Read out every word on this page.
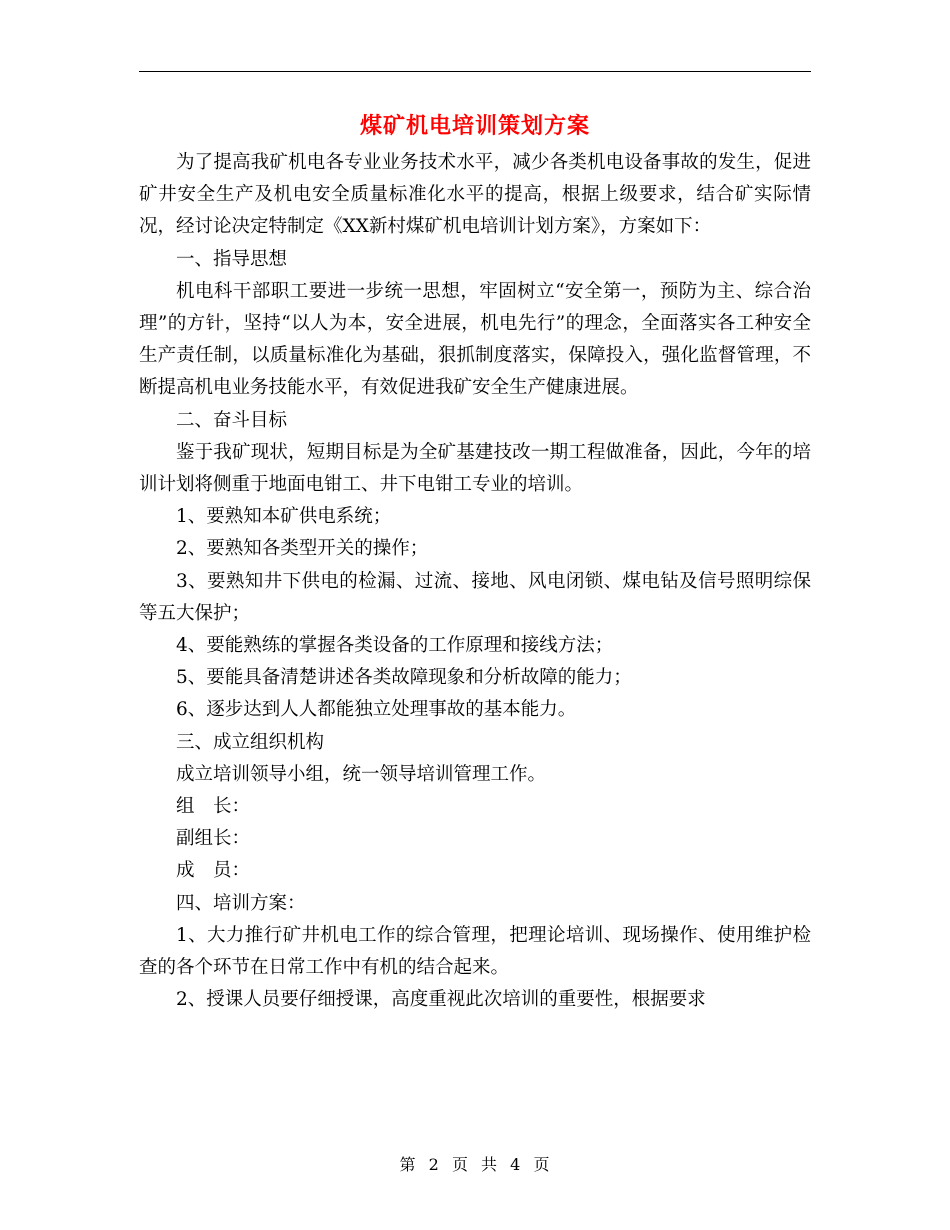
煤矿机电培训策划方案

为了提高我矿机电各专业业务技术水平，减少各类机电设备事故的发生，促进矿井安全生产及机电安全质量标准化水平的提高，根据上级要求，结合矿实际情况，经讨论决定特制定《XX新村煤矿机电培训计划方案》，方案如下：

一、指导思想

机电科干部职工要进一步统一思想，牢固树立“安全第一，预防为主、综合治理”的方针，坚持“以人为本，安全进展，机电先行”的理念，全面落实各工种安全生产责任制，以质量标准化为基础，狠抓制度落实，保障投入，强化监督管理，不断提高机电业务技能水平，有效促进我矿安全生产健康进展。

二、奋斗目标

鉴于我矿现状，短期目标是为全矿基建技改一期工程做准备，因此，今年的培训计划将侧重于地面电钳工、井下电钳工专业的培训。

1、要熟知本矿供电系统；

2、要熟知各类型开关的操作；

3、要熟知井下供电的检漏、过流、接地、风电闭锁、煤电钻及信号照明综保等五大保护；

4、要能熟练的掌握各类设备的工作原理和接线方法；

5、要能具备清楚讲述各类故障现象和分析故障的能力；

6、逐步达到人人都能独立处理事故的基本能力。

三、成立组织机构

成立培训领导小组，统一领导培训管理工作。

组　长：

副组长：

成　员：

四、培训方案：

1、大力推行矿井机电工作的综合管理，把理论培训、现场操作、使用维护检查的各个环节在日常工作中有机的结合起来。

2、授课人员要仔细授课，高度重视此次培训的重要性，根据要求

第 2 页 共 4 页
